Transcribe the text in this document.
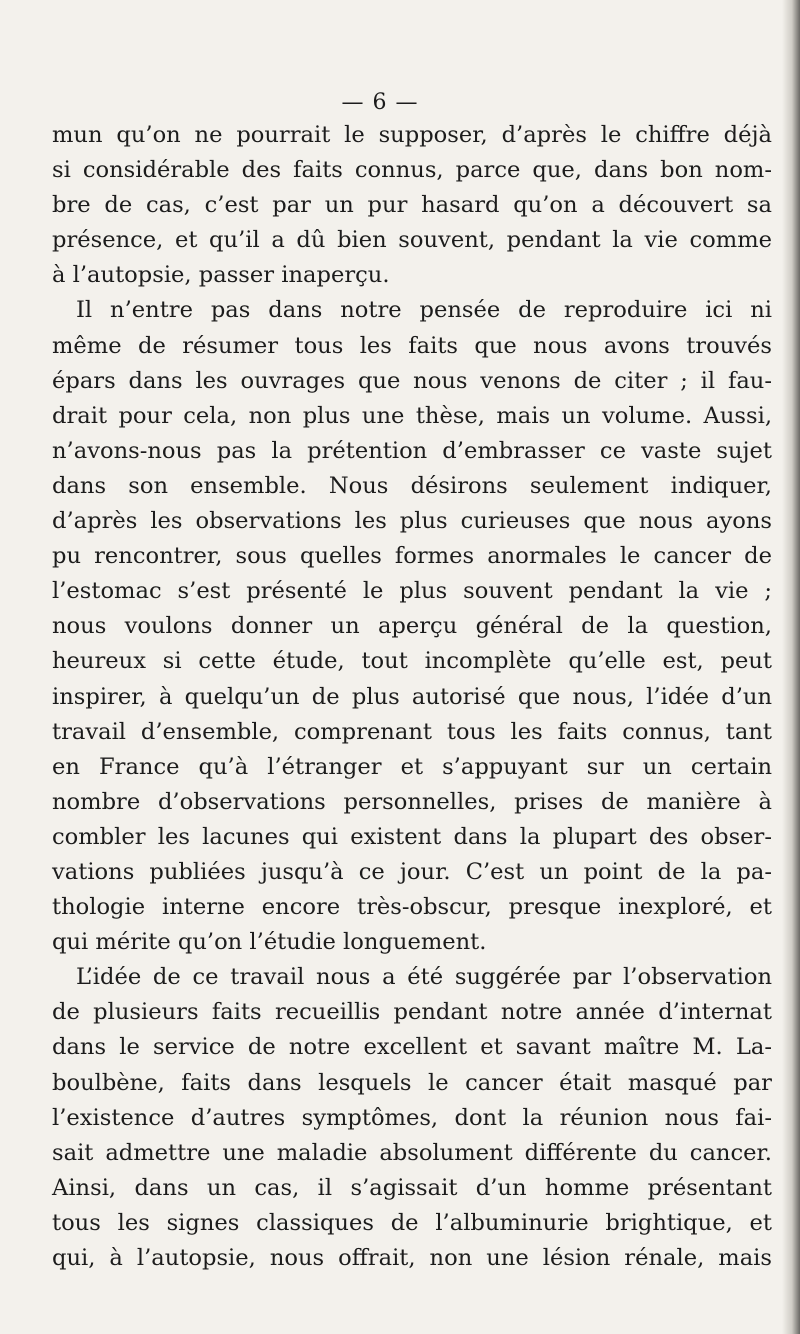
— 6 —
mun qu’on ne pourrait le supposer, d’après le chiffre déjà
si considérable des faits connus, parce que, dans bon nom-
bre de cas, c’est par un pur hasard qu’on a découvert sa
présence, et qu’il a dû bien souvent, pendant la vie comme
à l’autopsie, passer inaperçu.
Il n’entre pas dans notre pensée de reproduire ici ni
même de résumer tous les faits que nous avons trouvés
épars dans les ouvrages que nous venons de citer ; il fau-
drait pour cela, non plus une thèse, mais un volume. Aussi,
n’avons-nous pas la prétention d’embrasser ce vaste sujet
dans son ensemble. Nous désirons seulement indiquer,
d’après les observations les plus curieuses que nous ayons
pu rencontrer, sous quelles formes anormales le cancer de
l’estomac s’est présenté le plus souvent pendant la vie ;
nous voulons donner un aperçu général de la question,
heureux si cette étude, tout incomplète qu’elle est, peut
inspirer, à quelqu’un de plus autorisé que nous, l’idée d’un
travail d’ensemble, comprenant tous les faits connus, tant
en France qu’à l’étranger et s’appuyant sur un certain
nombre d’observations personnelles, prises de manière à
combler les lacunes qui existent dans la plupart des obser-
vations publiées jusqu’à ce jour. C’est un point de la pa-
thologie interne encore très-obscur, presque inexploré, et
qui mérite qu’on l’étudie longuement.
L’idée de ce travail nous a été suggérée par l’observation
de plusieurs faits recueillis pendant notre année d’internat
dans le service de notre excellent et savant maître M. La-
boulbène, faits dans lesquels le cancer était masqué par
l’existence d’autres symptômes, dont la réunion nous fai-
sait admettre une maladie absolument différente du cancer.
Ainsi, dans un cas, il s’agissait d’un homme présentant
tous les signes classiques de l’albuminurie brightique, et
qui, à l’autopsie, nous offrait, non une lésion rénale, mais
